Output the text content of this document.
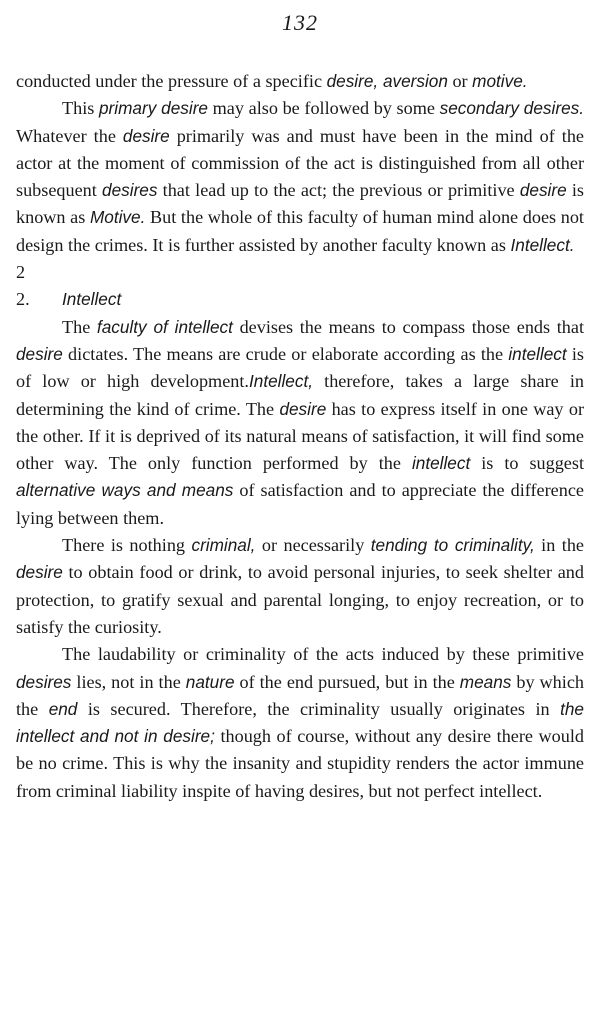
132

conducted under the pressure of a specific desire, aversion or motive.

This primary desire may also be followed by some secondary desires. Whatever the desire primarily was and must have been in the mind of the actor at the moment of commission of the act is distinguished from all other subsequent desires that lead up to the act; the previous or primitive desire is known as Motive. But the whole of this faculty of human mind alone does not design the crimes. It is further assisted by another faculty known as Intellect.

2

2.	Intellect

The faculty of intellect devises the means to compass those ends that desire dictates. The means are crude or elaborate according as the intellect is of low or high development.Intellect, therefore, takes a large share in determining the kind of crime. The desire has to express itself in one way or the other. If it is deprived of its natural means of satisfaction, it will find some other way. The only function performed by the intellect is to suggest alternative ways and means of satisfaction and to appreciate the difference lying between them.

There is nothing criminal, or necessarily tending to criminality, in the desire to obtain food or drink, to avoid personal injuries, to seek shelter and protection, to gratify sexual and parental longing, to enjoy recreation, or to satisfy the curiosity.

The laudability or criminality of the acts induced by these primitive desires lies, not in the nature of the end pursued, but in the means by which the end is secured. Therefore, the criminality usually originates in the intellect and not in desire; though of course, without any desire there would be no crime. This is why the insanity and stupidity renders the actor immune from criminal liability inspite of having desires, but not perfect intellect.
